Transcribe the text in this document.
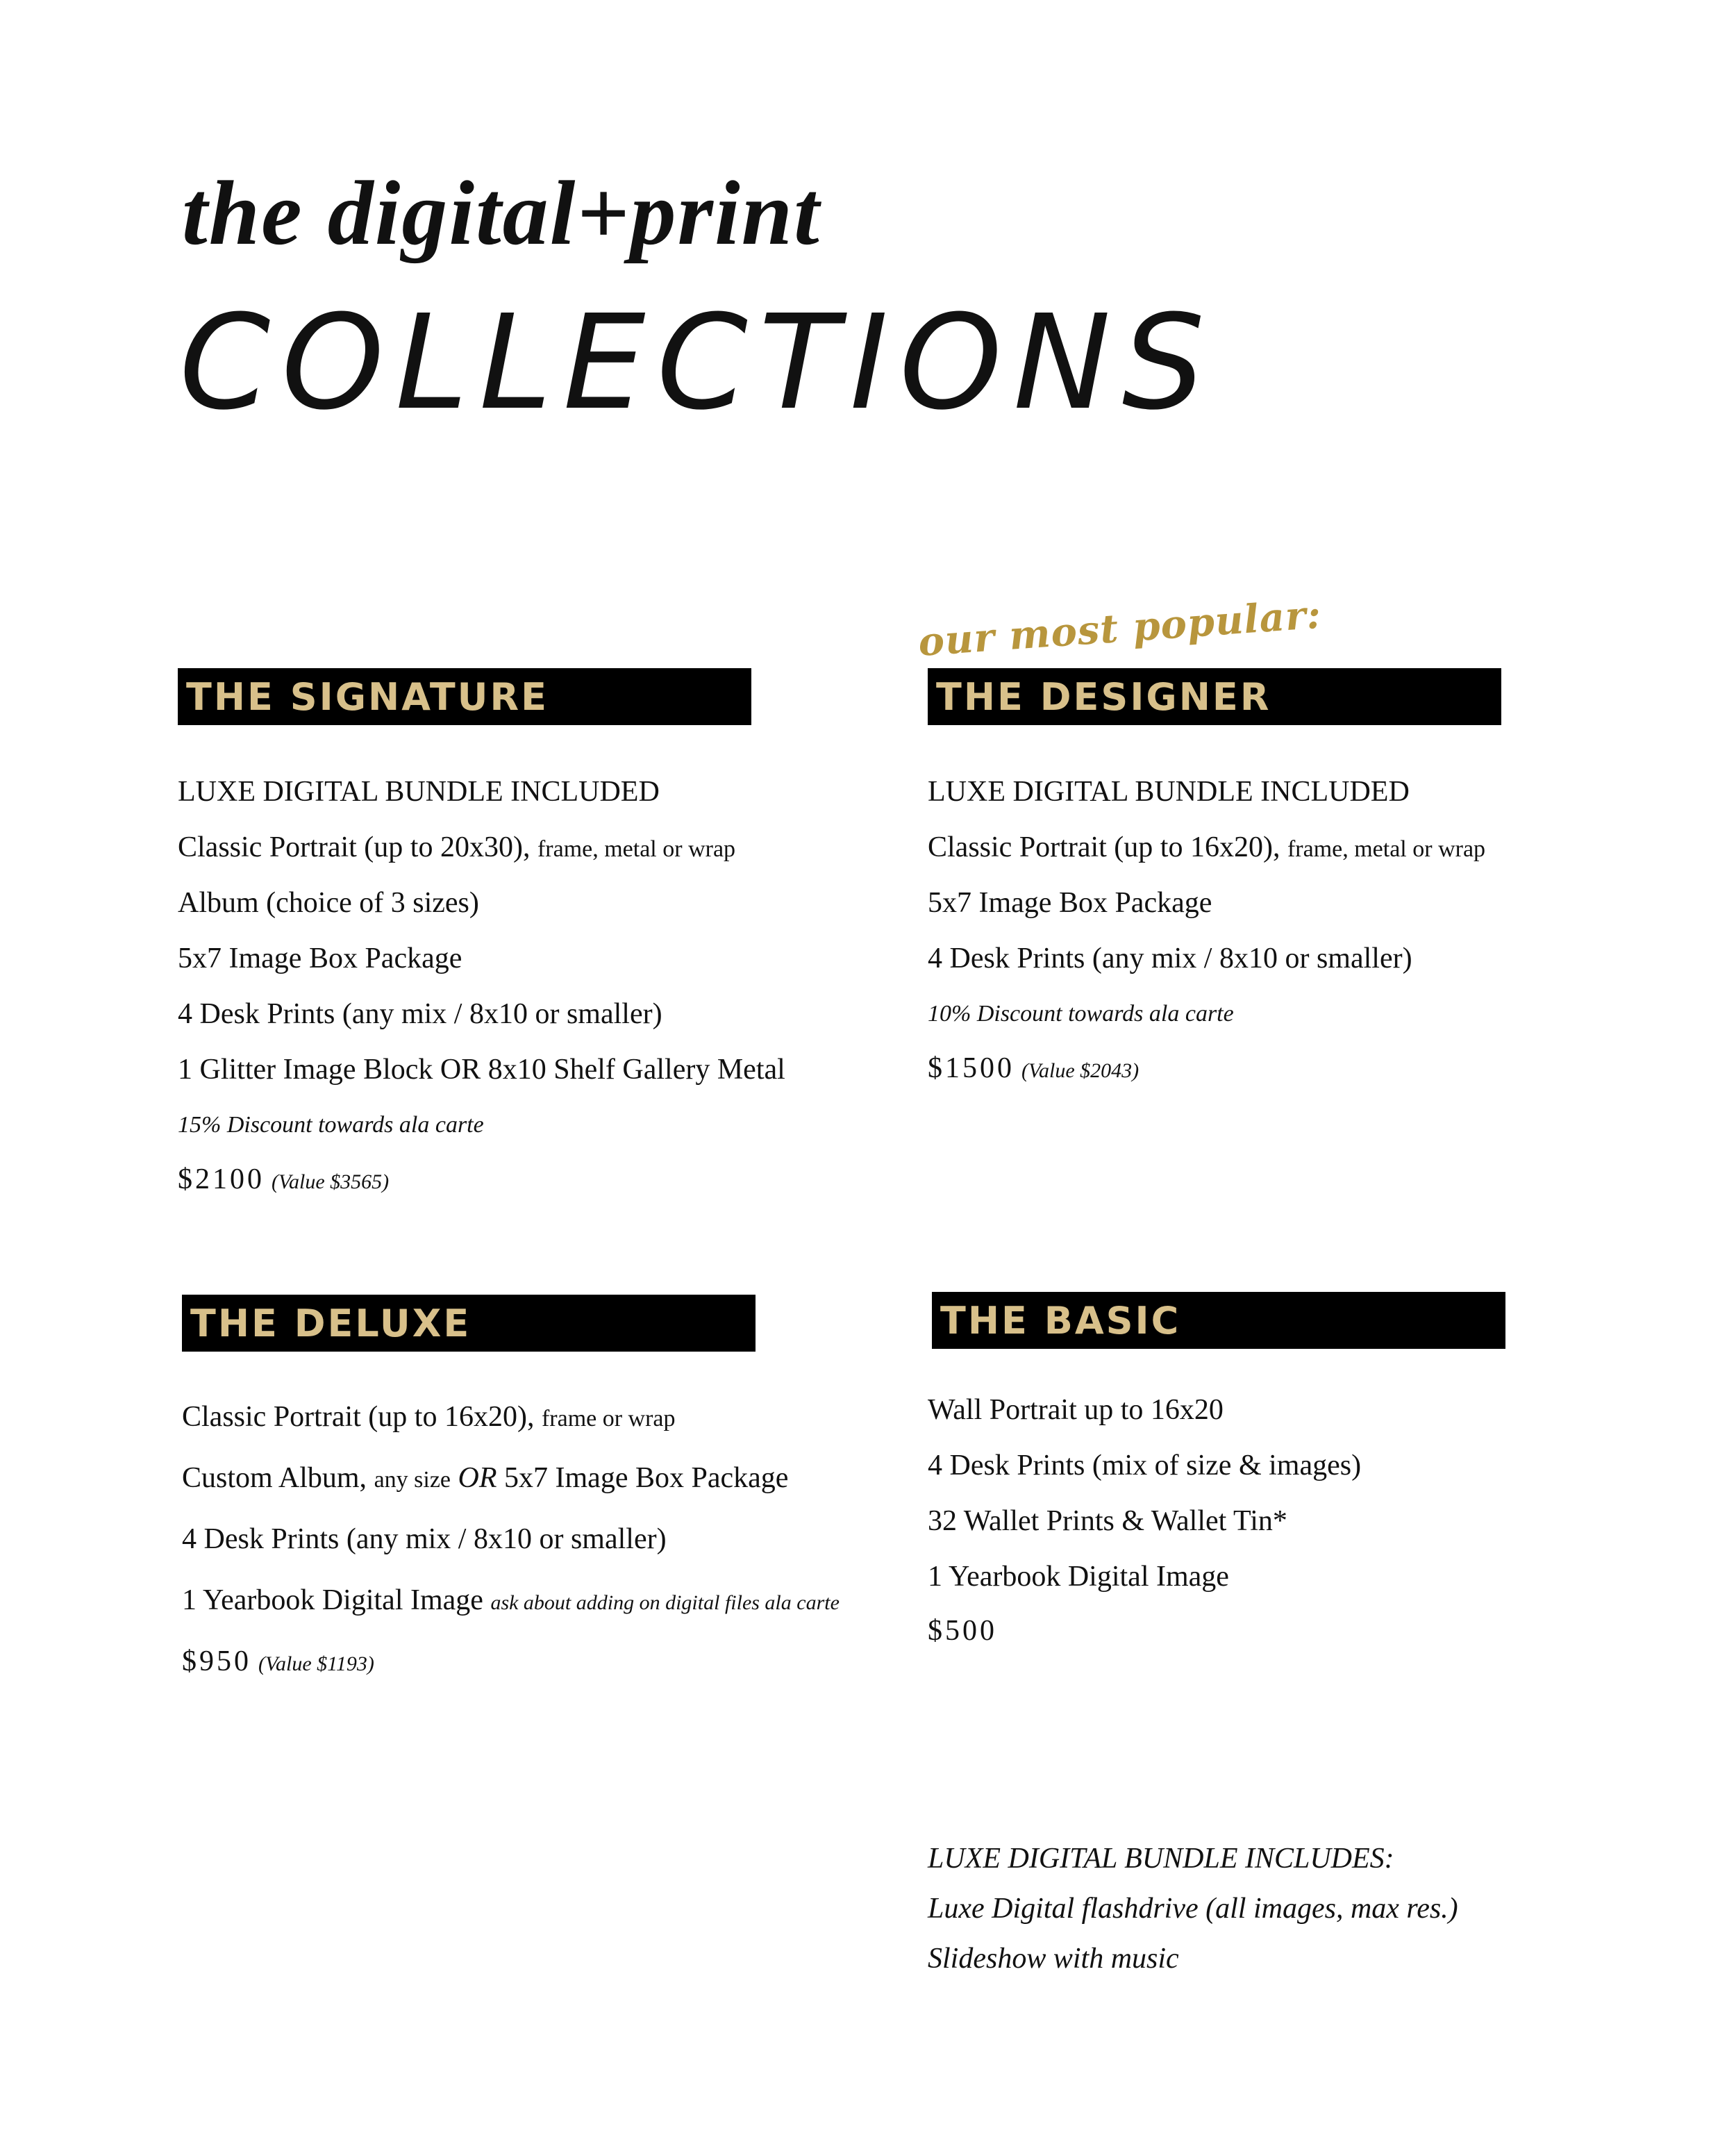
the digital+print
COLLECTIONS
our most popular:
THE SIGNATURE
LUXE DIGITAL BUNDLE INCLUDED
Classic Portrait (up to 20x30), frame, metal or wrap
Album (choice of 3 sizes)
5x7 Image Box Package
4 Desk Prints (any mix / 8x10 or smaller)
1 Glitter Image Block OR 8x10 Shelf Gallery Metal
15% Discount towards ala carte
$2100 (Value $3565)
THE DESIGNER
LUXE DIGITAL BUNDLE INCLUDED
Classic Portrait (up to 16x20), frame, metal or wrap
5x7 Image Box Package
4 Desk Prints (any mix / 8x10 or smaller)
10% Discount towards ala carte
$1500 (Value $2043)
THE DELUXE
Classic Portrait (up to 16x20), frame or wrap
Custom Album, any size OR 5x7 Image Box Package
4 Desk Prints (any mix / 8x10 or smaller)
1 Yearbook Digital Image ask about adding on digital files ala carte
$950 (Value $1193)
THE BASIC
Wall Portrait up to 16x20
4 Desk Prints (mix of size & images)
32 Wallet Prints & Wallet Tin*
1 Yearbook Digital Image
$500
LUXE DIGITAL BUNDLE INCLUDES:
Luxe Digital flashdrive (all images, max res.)
Slideshow with music
